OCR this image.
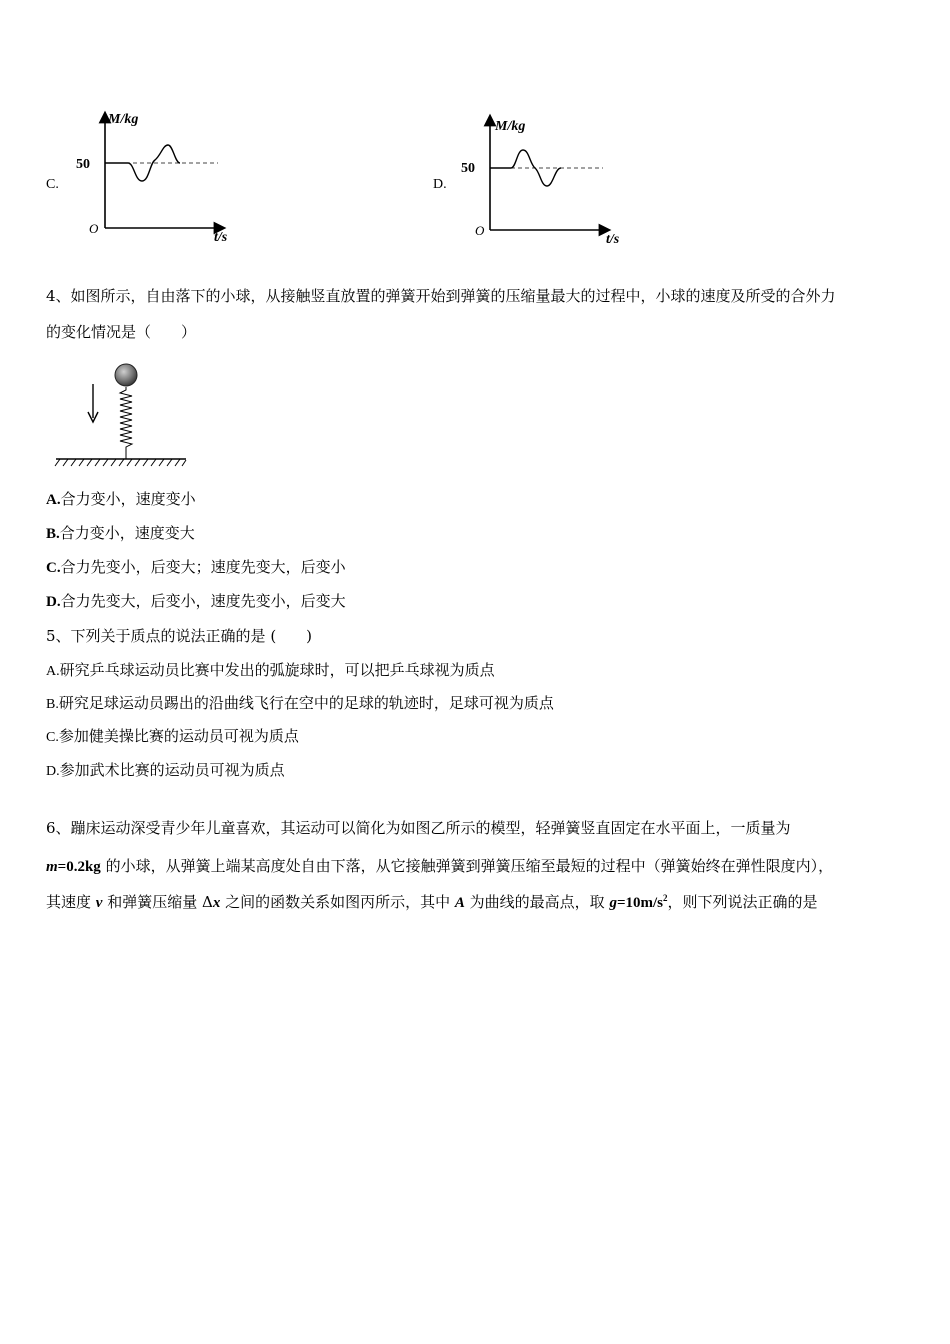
C.
M/kg
t/s
50
O
D.
M/kg
t/s
50
O
4、如图所示，自由落下的小球，从接触竖直放置的弹簧开始到弹簧的压缩量最大的过程中，小球的速度及所受的合外力
的变化情况是（　　）
A.合力变小，速度变小
B.合力变小，速度变大
C.合力先变小，后变大；速度先变大，后变小
D.合力先变大，后变小，速度先变小，后变大
5、下列关于质点的说法正确的是 (　　)
A.研究乒乓球运动员比赛中发出的弧旋球时，可以把乒乓球视为质点
B.研究足球运动员踢出的沿曲线飞行在空中的足球的轨迹时，足球可视为质点
C.参加健美操比赛的运动员可视为质点
D.参加武术比赛的运动员可视为质点
6、蹦床运动深受青少年儿童喜欢，其运动可以简化为如图乙所示的模型，轻弹簧竖直固定在水平面上，一质量为
m=0.2kg 的小球，从弹簧上端某高度处自由下落，从它接触弹簧到弹簧压缩至最短的过程中（弹簧始终在弹性限度内），
其速度 v 和弹簧压缩量 Δx 之间的函数关系如图丙所示，其中 A 为曲线的最高点，取 $g=10m/s^2$，则下列说法正确的是
